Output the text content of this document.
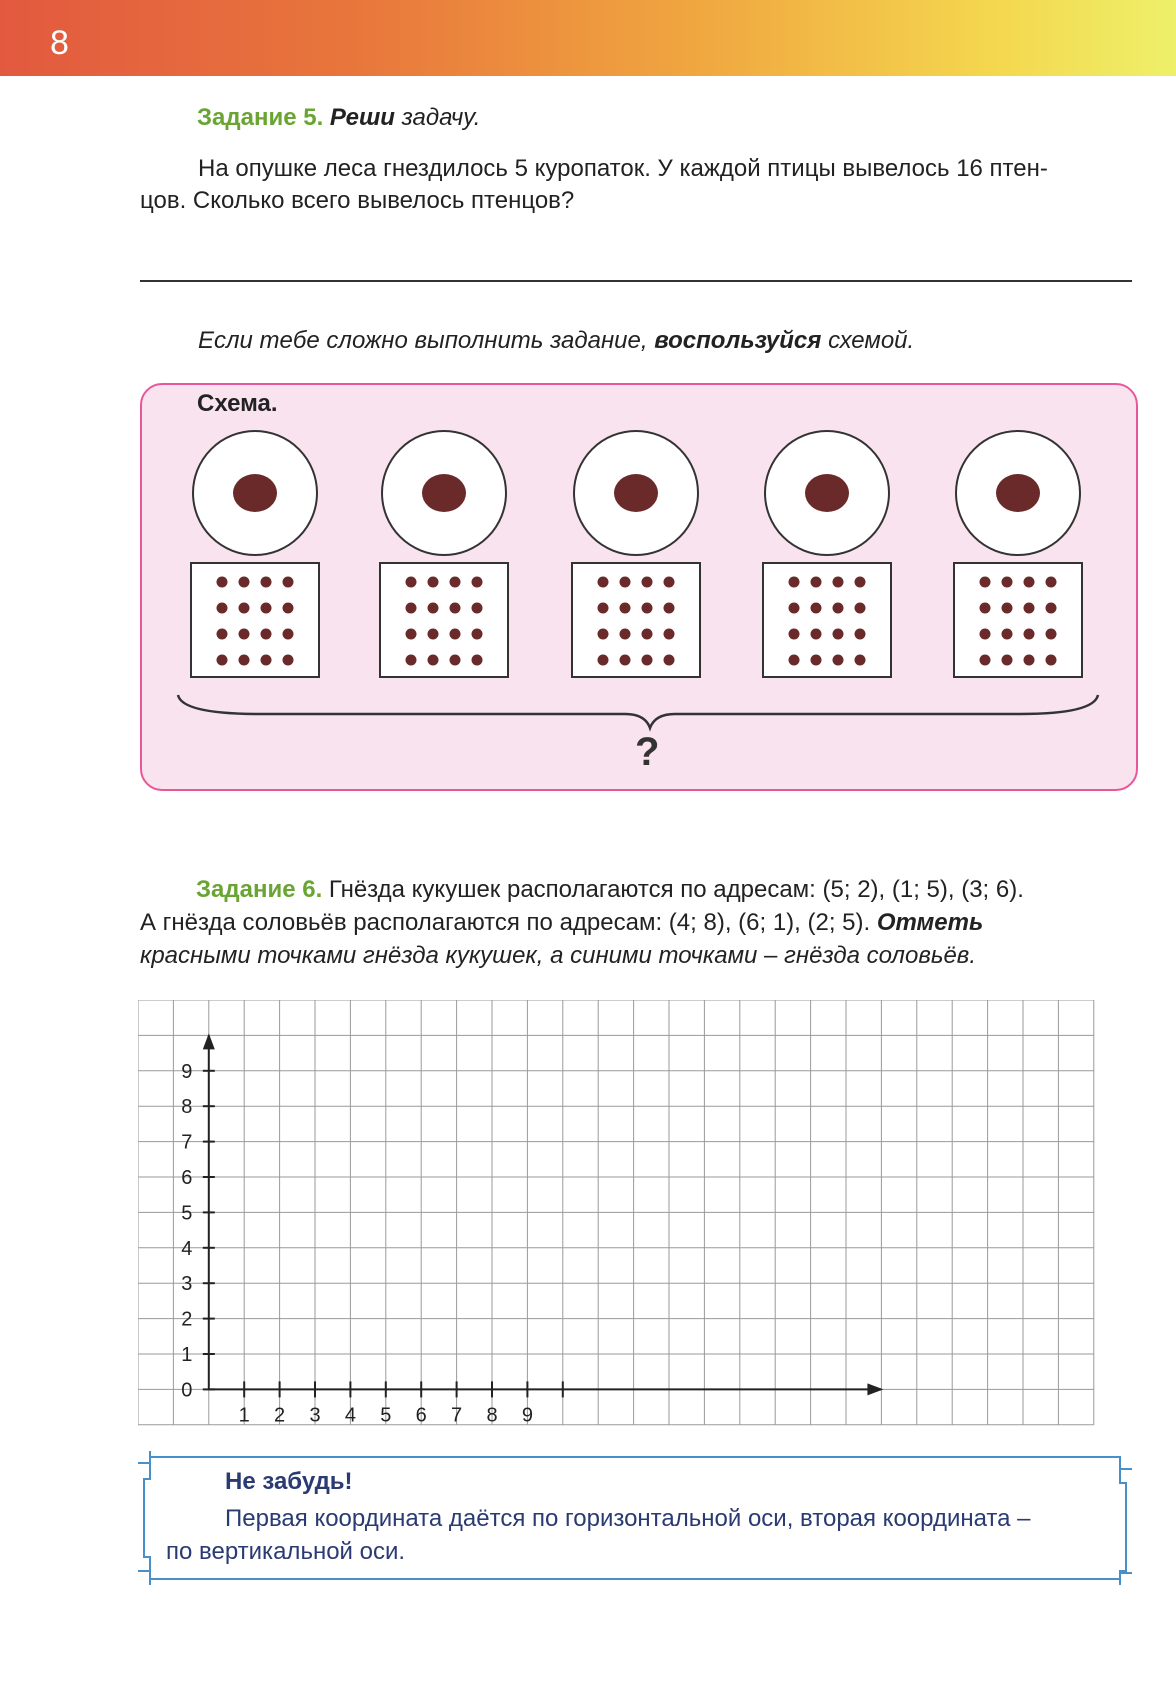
8
Задание 5. Реши задачу.
На опушке леса гнездилось 5 куропаток. У каждой птицы вывелось 16 птен-
цов. Сколько всего вывелось птенцов?
Если тебе сложно выполнить задание, воспользуйся схемой.
Схема.
?
Задание 6. Гнёзда кукушек располагаются по адресам: (5; 2), (1; 5), (3; 6).
А гнёзда соловьёв располагаются по адресам: (4; 8), (6; 1), (2; 5). Отметь
красными точками гнёзда кукушек, а синими точками – гнёзда соловьёв.
0
1
2
3
4
5
6
7
8
9
1 2 3 4 5 6 7 8 9
Не забудь!
Первая координата даётся по горизонтальной оси, вторая координата –
по вертикальной оси.
